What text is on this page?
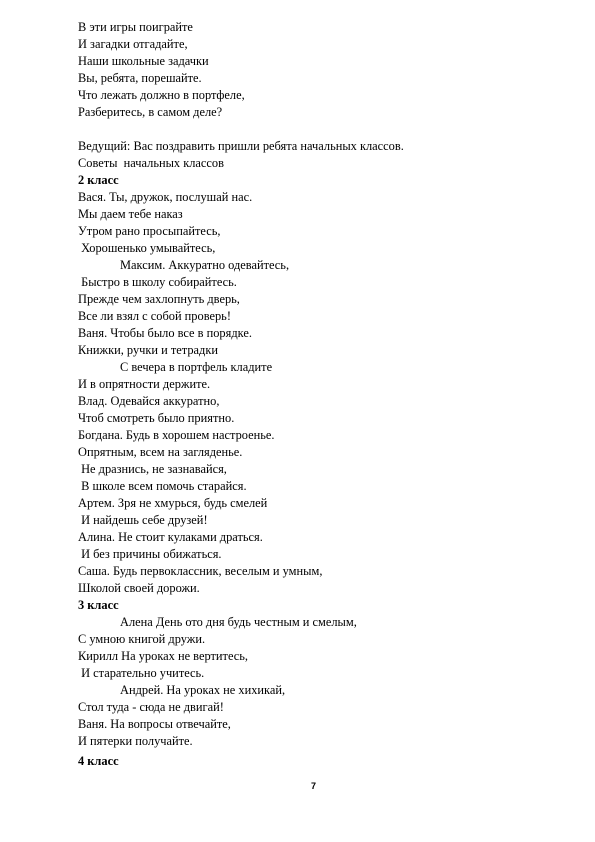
В эти игры поиграйте
И загадки отгадайте,
Наши школьные задачки
Вы, ребята, порешайте.
Что лежать должно в портфеле,
Разберитесь, в самом деле?
Ведущий: Вас поздравить пришли ребята начальных классов.
Советы  начальных классов
2 класс
Вася. Ты, дружок, послушай нас.
Мы даем тебе наказ
Утром рано просыпайтесь,
Хорошенько умывайтесь,
Максим. Аккуратно одевайтесь,
Быстро в школу собирайтесь.
Прежде чем захлопнуть дверь,
Все ли взял с собой проверь!
Ваня. Чтобы было все в порядке.
Книжки, ручки и тетрадки
С вечера в портфель кладите
И в опрятности держите.
Влад. Одевайся аккуратно,
Чтоб смотреть было приятно.
Богдана. Будь в хорошем настроенье.
Опрятным, всем на загляденье.
Не дразнись, не зазнавайся,
В школе всем помочь старайся.
Артем. Зря не хмурься, будь смелей
И найдешь себе друзей!
Алина. Не стоит кулаками драться.
И без причины обижаться.
Саша. Будь первоклассник, веселым и умным,
Школой своей дорожи.
3 класс
Алена День ото дня будь честным и смелым,
С умною книгой дружи.
Кирилл На уроках не вертитесь,
И старательно учитесь.
Андрей. На уроках не хихикай,
Стол туда - сюда не двигай!
Ваня. На вопросы отвечайте,
И пятерки получайте.
4 класс
7
